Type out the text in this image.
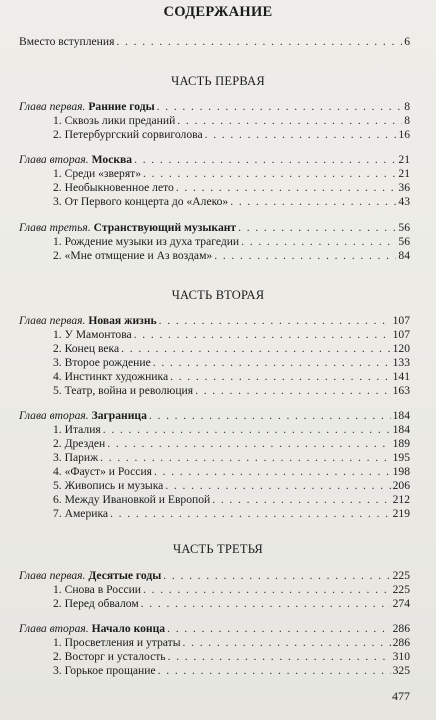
СОДЕРЖАНИЕ
Вместо вступления . . .	6
ЧАСТЬ ПЕРВАЯ
Глава первая. Ранние годы . . .	8
1. Сквозь лики преданий . . .	8
2. Петербургский сорвиголова . . .	16
Глава вторая. Москва . . .	21
1. Среди «зверят» . . .	21
2. Необыкновенное лето . . .	36
3. От Первого концерта до «Алеко» . . .	43
Глава третья. Странствующий музыкант . . .	56
1. Рождение музыки из духа трагедии . . .	56
2. «Мне отмщение и Аз воздам» . . .	84
ЧАСТЬ ВТОРАЯ
Глава первая. Новая жизнь . . .	107
1. У Мамонтова . . .	107
2. Конец века . . .	120
3. Второе рождение . . .	133
4. Инстинкт художника . . .	141
5. Театр, война и революция . . .	163
Глава вторая. Заграница . . .	184
1. Италия . . .	184
2. Дрезден . . .	189
3. Париж . . .	195
4. «Фауст» и Россия . . .	198
5. Живопись и музыка . . .	206
6. Между Ивановкой и Европой . . .	212
7. Америка . . .	219
ЧАСТЬ ТРЕТЬЯ
Глава первая. Десятые годы . . .	225
1. Снова в России . . .	225
2. Перед обвалом . . .	274
Глава вторая. Начало конца . . .	286
1. Просветления и утраты . . .	286
2. Восторг и усталость . . .	310
3. Горькое прощание . . .	325
477
